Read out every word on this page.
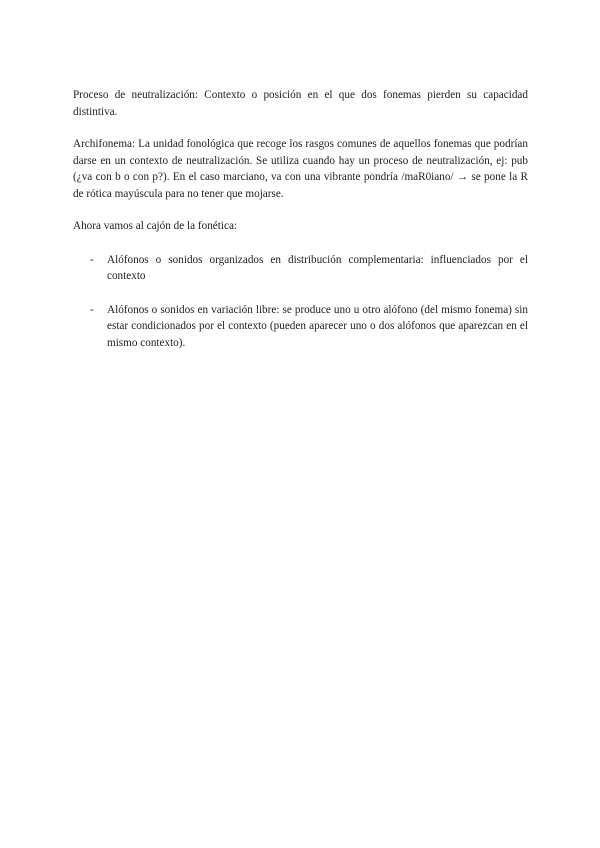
Proceso de neutralización: Contexto o posición en el que dos fonemas pierden su capacidad distintiva.

Archifonema: La unidad fonológica que recoge los rasgos comunes de aquellos fonemas que podrían darse en un contexto de neutralización. Se utiliza cuando hay un proceso de neutralización, ej: pub (¿va con b o con p?). En el caso marciano, va con una vibrante pondría /maR0iano/ → se pone la R de rótica mayúscula para no tener que mojarse.

Ahora vamos al cajón de la fonética:

- Alófonos o sonidos organizados en distribución complementaria: influenciados por el contexto
- Alófonos o sonidos en variación libre: se produce uno u otro alófono (del mismo fonema) sin estar condicionados por el contexto (pueden aparecer uno o dos alófonos que aparezcan en el mismo contexto).
